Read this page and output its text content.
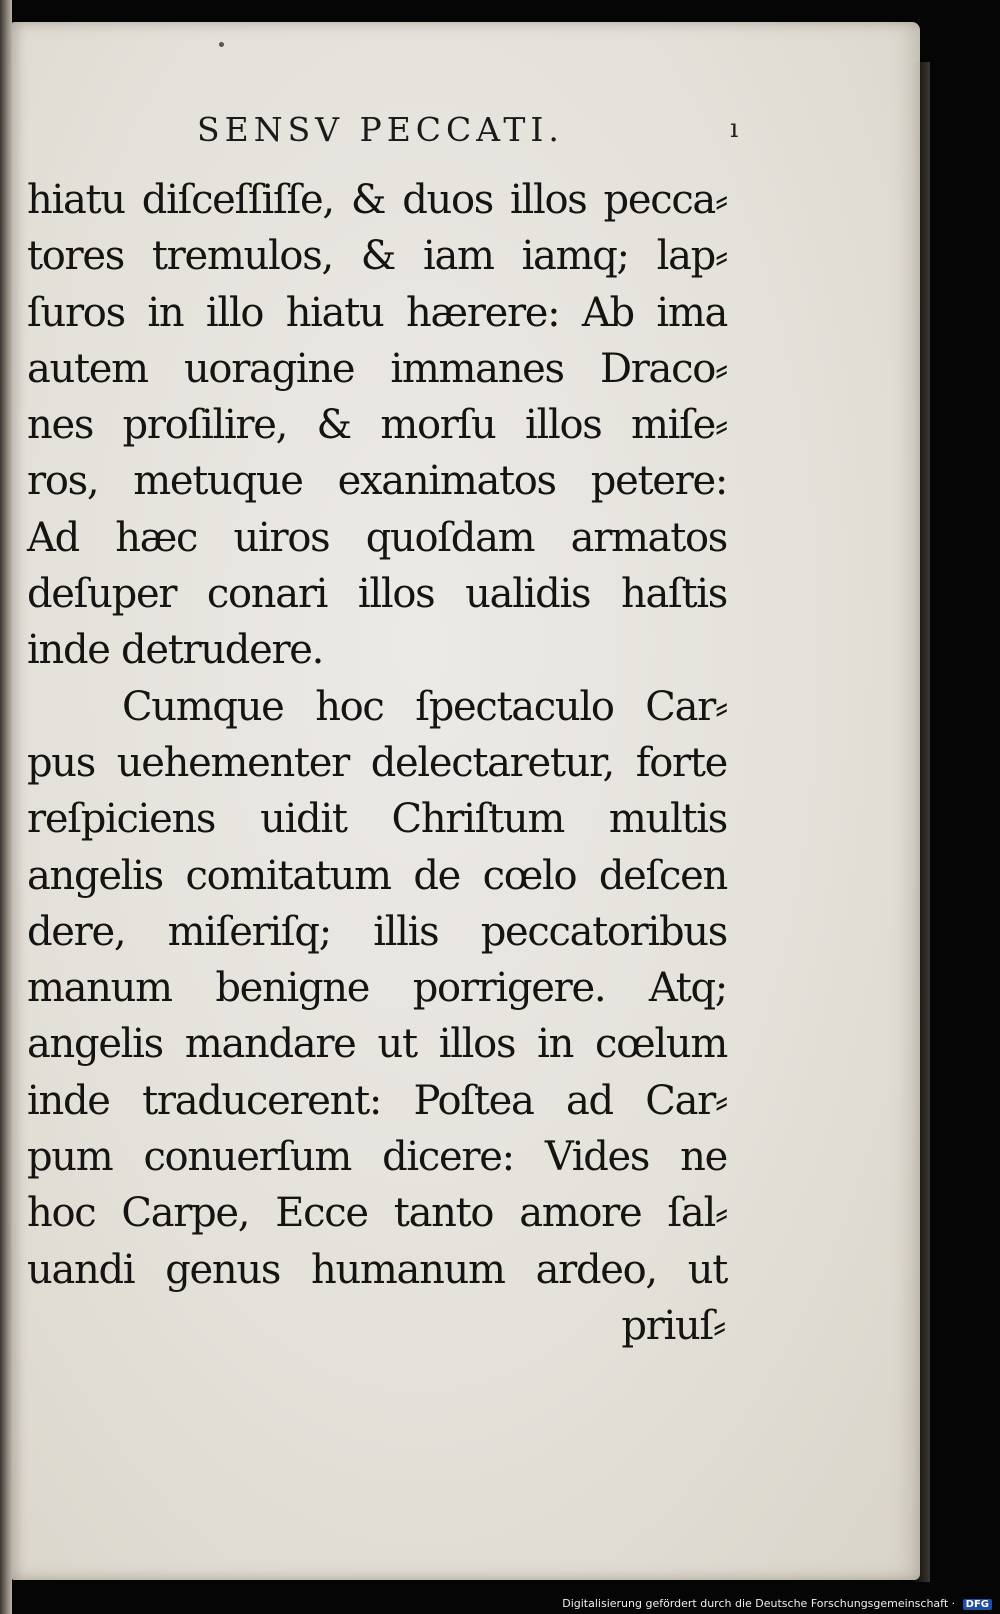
SENSV PECCATI.	ı
hiatu diſceſſiſſe, & duos illos pecca⸗
tores tremulos, & iam iamq; lap⸗
ſuros in illo hiatu hærere: Ab ima
autem uoragine immanes Draco⸗
nes proſilire, & morſu illos miſe⸗
ros, metuque exanimatos petere:
Ad hæc uiros quoſdam armatos
deſuper conari illos ualidis haſtis
inde detrudere.
Cumque hoc ſpectaculo Car⸗
pus uehementer delectaretur, forte
reſpiciens uidit Chriſtum multis
angelis comitatum de cœlo deſcen
dere, miſeriſq; illis peccatoribus
manum benigne porrigere. Atq;
angelis mandare ut illos in cœlum
inde traducerent: Poſtea ad Car⸗
pum conuerſum dicere: Vides ne
hoc Carpe, Ecce tanto amore ſal⸗
uandi genus humanum ardeo, ut
priuſ⸗
Digitalisierung gefördert durch die Deutsche Forschungsgemeinschaft · DFG
